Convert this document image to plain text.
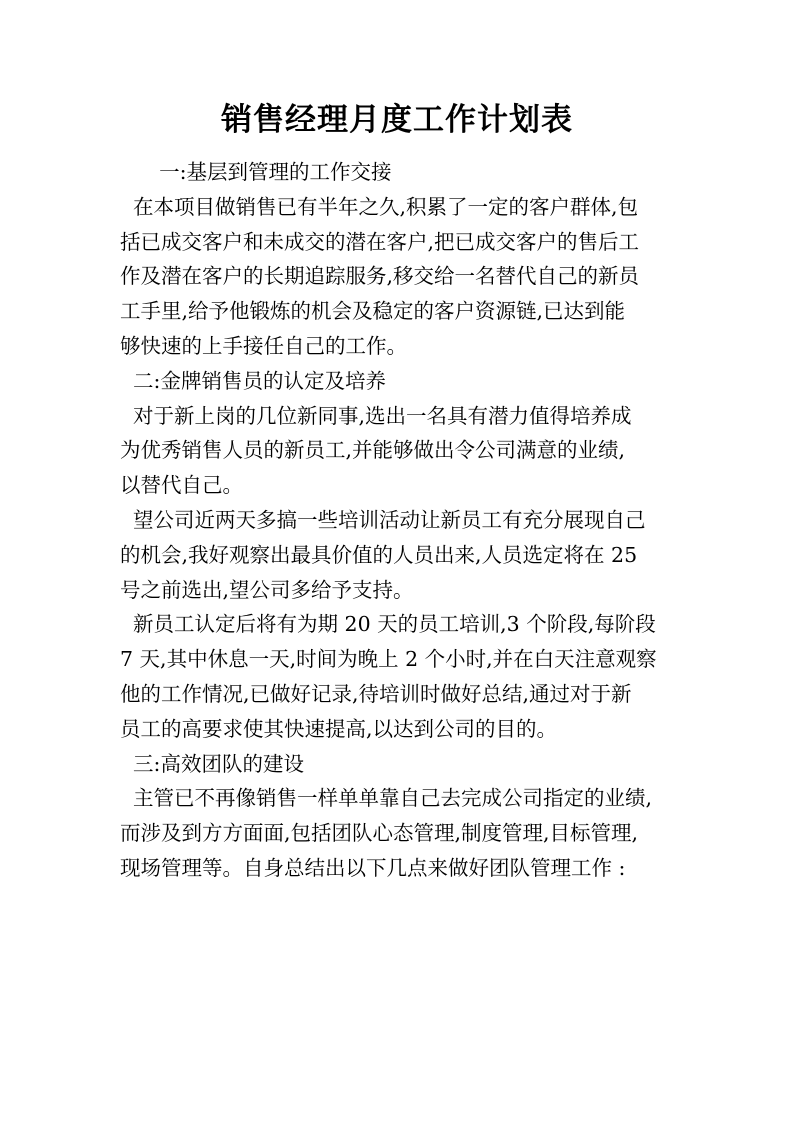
销售经理月度工作计划表
一:基层到管理的工作交接
在本项目做销售已有半年之久,积累了一定的客户群体,包
括已成交客户和未成交的潜在客户,把已成交客户的售后工
作及潜在客户的长期追踪服务,移交给一名替代自己的新员
工手里,给予他锻炼的机会及稳定的客户资源链,已达到能
够快速的上手接任自己的工作。
二:金牌销售员的认定及培养
对于新上岗的几位新同事,选出一名具有潜力值得培养成
为优秀销售人员的新员工,并能够做出令公司满意的业绩,
以替代自己。
望公司近两天多搞一些培训活动让新员工有充分展现自己
的机会,我好观察出最具价值的人员出来,人员选定将在 25
号之前选出,望公司多给予支持。
新员工认定后将有为期 20 天的员工培训,3 个阶段,每阶段
7 天,其中休息一天,时间为晚上 2 个小时,并在白天注意观察
他的工作情况,已做好记录,待培训时做好总结,通过对于新
员工的高要求使其快速提高,以达到公司的目的。
三:高效团队的建设
主管已不再像销售一样单单靠自己去完成公司指定的业绩,
而涉及到方方面面,包括团队心态管理,制度管理,目标管理,
现场管理等。自身总结出以下几点来做好团队管理工作 :
